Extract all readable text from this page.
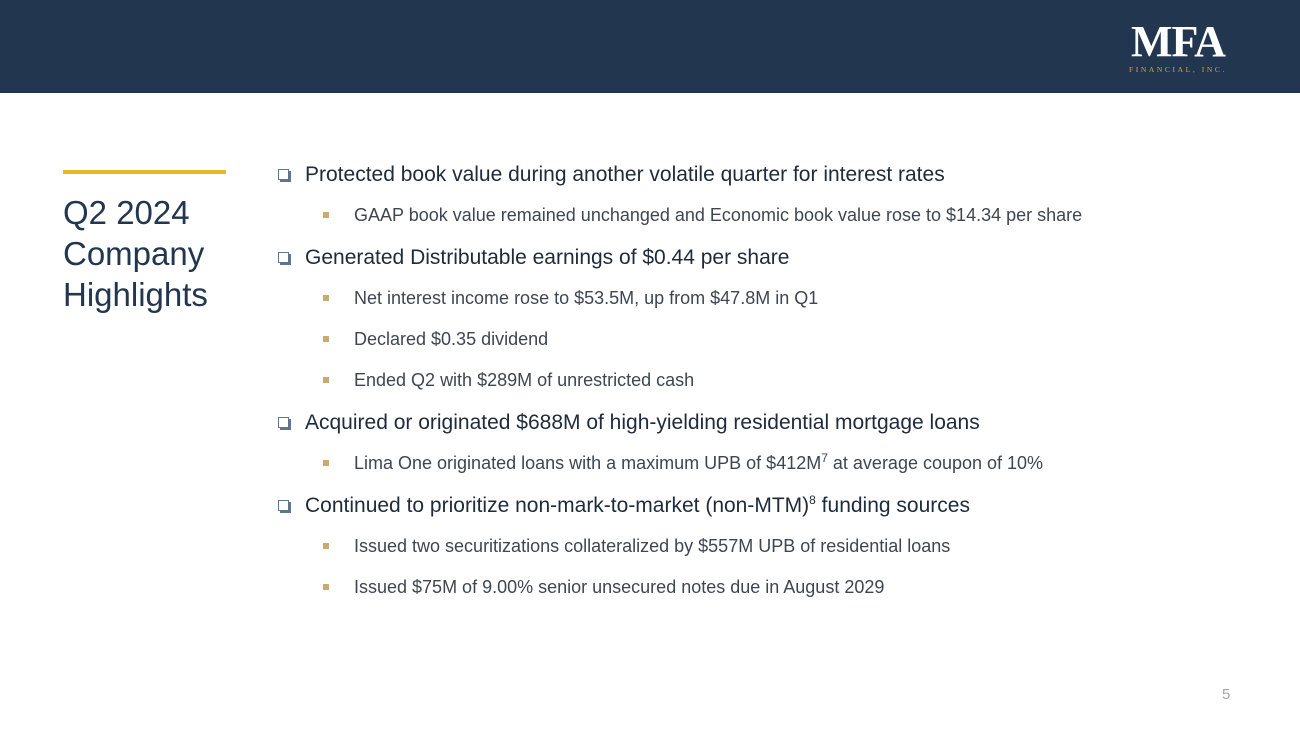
MFA
FINANCIAL, INC.
Q2 2024
Company
Highlights
Protected book value during another volatile quarter for interest rates
GAAP book value remained unchanged and Economic book value rose to $14.34 per share
Generated Distributable earnings of $0.44 per share
Net interest income rose to $53.5M, up from $47.8M in Q1
Declared $0.35 dividend
Ended Q2 with $289M of unrestricted cash
Acquired or originated $688M of high-yielding residential mortgage loans
Lima One originated loans with a maximum UPB of $\$412M^7$ at average coupon of 10%
Continued to prioritize non-mark-to-market $(non-MTM)^8$ funding sources
Issued two securitizations collateralized by $557M UPB of residential loans
Issued $75M of 9.00% senior unsecured notes due in August 2029
5
